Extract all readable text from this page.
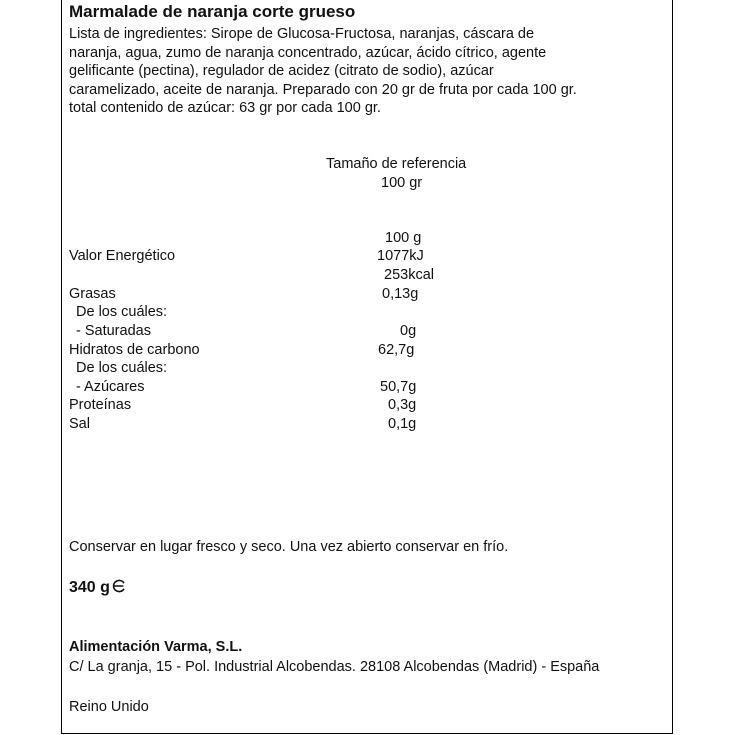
Marmalade de naranja corte grueso
Lista de ingredientes: Sirope de Glucosa-Fructosa, naranjas, cáscara de
naranja, agua, zumo de naranja concentrado, azúcar, ácido cítrico, agente
gelificante (pectina), regulador de acidez (citrato de sodio), azúcar
caramelizado, aceite de naranja. Preparado con 20 gr de fruta por cada 100 gr.
total contenido de azúcar: 63 gr por cada 100 gr.
Tamaño de referencia
100 gr
100 g
Valor Energético	1077kJ
253kcal
Grasas	0,13g
De los cuáles:
- Saturadas	0g
Hidratos de carbono	62,7g
De los cuáles:
- Azúcares	50,7g
Proteínas	0,3g
Sal	0,1g
Conservar en lugar fresco y seco. Una vez abierto conservar en frío.
340 g
Alimentación Varma, S.L.
C/ La granja, 15 - Pol. Industrial Alcobendas. 28108 Alcobendas (Madrid) - España
Reino Unido
